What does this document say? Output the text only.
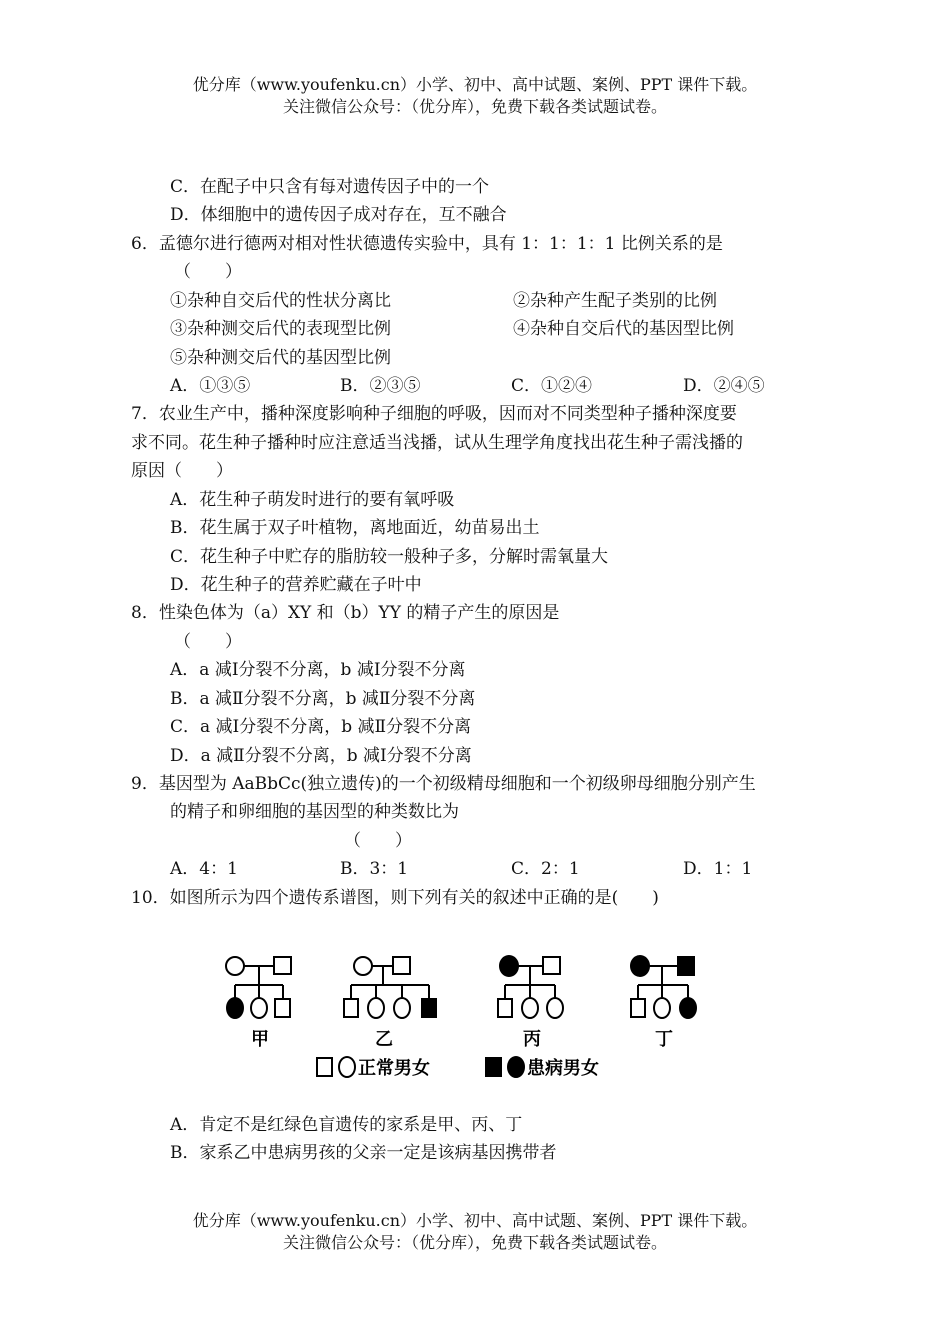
优分库（www.youfenku.cn）小学、初中、高中试题、案例、PPT 课件下载。
关注微信公众号：（优分库），免费下载各类试题试卷。
C．在配子中只含有每对遗传因子中的一个
D．体细胞中的遗传因子成对存在，互不融合
6．孟德尔进行德两对相对性状德遗传实验中，具有 1：1：1：1 比例关系的是
（　　）
①杂种自交后代的性状分离比	②杂种产生配子类别的比例
③杂种测交后代的表现型比例	④杂种自交后代的基因型比例
⑤杂种测交后代的基因型比例
A．①③⑤	B．②③⑤	C．①②④	D．②④⑤
7．农业生产中，播种深度影响种子细胞的呼吸，因而对不同类型种子播种深度要
求不同。花生种子播种时应注意适当浅播，试从生理学角度找出花生种子需浅播的
原因（　　）
A．花生种子萌发时进行的要有氧呼吸
B．花生属于双子叶植物，离地面近，幼苗易出土
C．花生种子中贮存的脂肪较一般种子多，分解时需氧量大
D．花生种子的营养贮藏在子叶中
8．性染色体为（a）XY 和（b）YY 的精子产生的原因是
（　　）
A．a 减Ⅰ分裂不分离，b 减Ⅰ分裂不分离
B．a 减Ⅱ分裂不分离，b 减Ⅱ分裂不分离
C．a 减Ⅰ分裂不分离，b 减Ⅱ分裂不分离
D．a 减Ⅱ分裂不分离，b 减Ⅰ分裂不分离
9．基因型为 AaBbCc(独立遗传)的一个初级精母细胞和一个初级卵母细胞分别产生
的精子和卵细胞的基因型的种类数比为
（　　）
A．4：1	B．3：1	C．2：1	D．1：1
10．如图所示为四个遗传系谱图，则下列有关的叙述中正确的是(　　)
甲	乙	丙	丁
正常男女	患病男女
A．肯定不是红绿色盲遗传的家系是甲、丙、丁
B．家系乙中患病男孩的父亲一定是该病基因携带者
优分库（www.youfenku.cn）小学、初中、高中试题、案例、PPT 课件下载。
关注微信公众号：（优分库），免费下载各类试题试卷。
